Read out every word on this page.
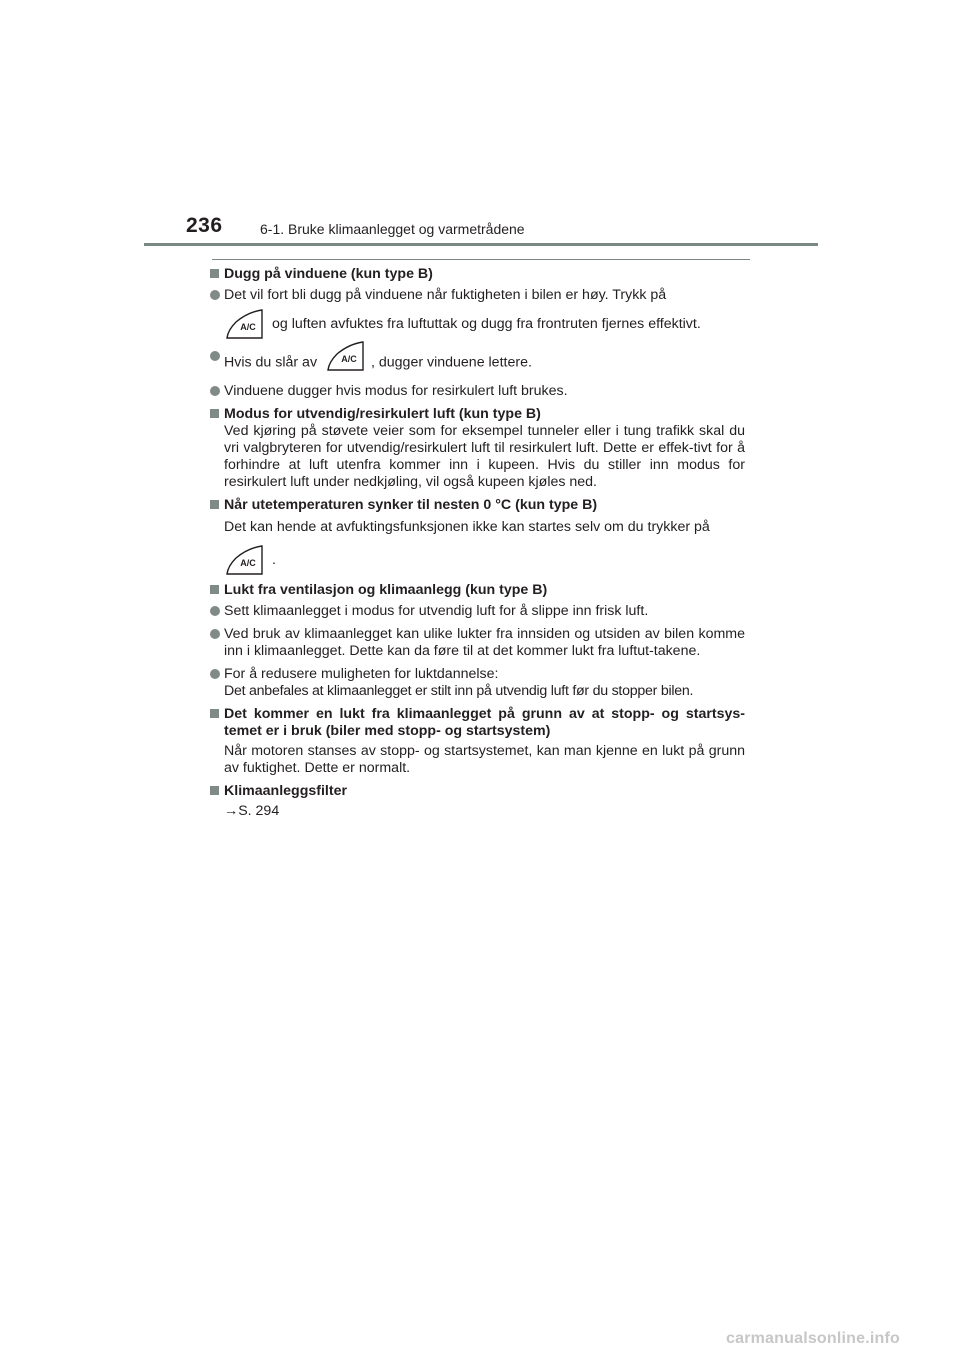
236	6-1. Bruke klimaanlegget og varmetrådene
Dugg på vinduene (kun type B)
Det vil fort bli dugg på vinduene når fuktigheten i bilen er høy. Trykk på
A/C og luften avfuktes fra luftuttak og dugg fra frontruten fjernes effektivt.
Hvis du slår av	A/C , dugger vinduene lettere.
Vinduene dugger hvis modus for resirkulert luft brukes.
Modus for utvendig/resirkulert luft (kun type B)
Ved kjøring på støvete veier som for eksempel tunneler eller i tung trafikk skal du vri valgbryteren for utvendig/resirkulert luft til resirkulert luft. Dette er effek-tivt for å forhindre at luft utenfra kommer inn i kupeen. Hvis du stiller inn modus for resirkulert luft under nedkjøling, vil også kupeen kjøles ned.
Når utetemperaturen synker til nesten 0 °C (kun type B)
Det kan hende at avfuktingsfunksjonen ikke kan startes selv om du trykker på
A/C .
Lukt fra ventilasjon og klimaanlegg (kun type B)
Sett klimaanlegget i modus for utvendig luft for å slippe inn frisk luft.
Ved bruk av klimaanlegget kan ulike lukter fra innsiden og utsiden av bilen komme inn i klimaanlegget. Dette kan da føre til at det kommer lukt fra luftut-takene.
For å redusere muligheten for luktdannelse:
Det anbefales at klimaanlegget er stilt inn på utvendig luft før du stopper bilen.
Det kommer en lukt fra klimaanlegget på grunn av at stopp- og startsys-temet er i bruk (biler med stopp- og startsystem)
Når motoren stanses av stopp- og startsystemet, kan man kjenne en lukt på grunn av fuktighet. Dette er normalt.
Klimaanleggsfilter
→S. 294
carmanualsonline.info
